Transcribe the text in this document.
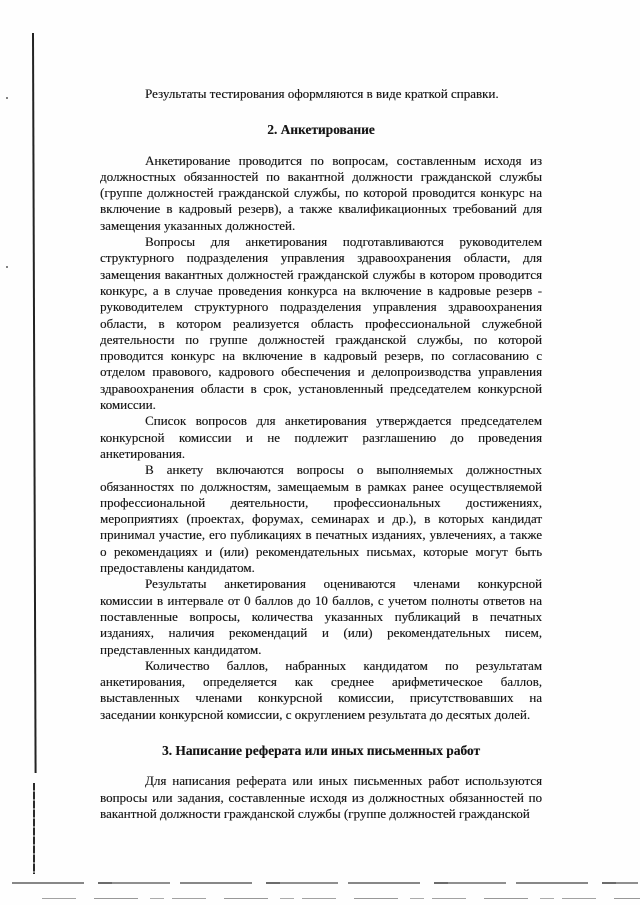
Результаты тестирования оформляются в виде краткой справки.
2. Анкетирование
Анкетирование проводится по вопросам, составленным исходя из
должностных обязанностей по вакантной должности гражданской службы
(группе должностей гражданской службы, по которой проводится конкурс на
включение в кадровый резерв), а также квалификационных требований для
замещения указанных должностей.
Вопросы для анкетирования подготавливаются руководителем
структурного подразделения управления здравоохранения области, для
замещения вакантных должностей гражданской службы в котором проводится
конкурс, а в случае проведения конкурса на включение в кадровые резерв -
руководителем структурного подразделения управления здравоохранения
области, в котором реализуется область профессиональной служебной
деятельности по группе должностей гражданской службы, по которой
проводится конкурс на включение в кадровый резерв, по согласованию с
отделом правового, кадрового обеспечения и делопроизводства управления
здравоохранения области в срок, установленный председателем конкурсной
комиссии.
Список вопросов для анкетирования утверждается председателем
конкурсной комиссии и не подлежит разглашению до проведения
анкетирования.
В анкету включаются вопросы о выполняемых должностных
обязанностях по должностям, замещаемым в рамках ранее осуществляемой
профессиональной деятельности, профессиональных достижениях,
мероприятиях (проектах, форумах, семинарах и др.), в которых кандидат
принимал участие, его публикациях в печатных изданиях, увлечениях, а также
о рекомендациях и (или) рекомендательных письмах, которые могут быть
предоставлены кандидатом.
Результаты анкетирования оцениваются членами конкурсной
комиссии в интервале от 0 баллов до 10 баллов, с учетом полноты ответов на
поставленные вопросы, количества указанных публикаций в печатных
изданиях, наличия рекомендаций и (или) рекомендательных писем,
представленных кандидатом.
Количество баллов, набранных кандидатом по результатам
анкетирования, определяется как среднее арифметическое баллов,
выставленных членами конкурсной комиссии, присутствовавших на
заседании конкурсной комиссии, с округлением результата до десятых долей.
3. Написание реферата или иных письменных работ
Для написания реферата или иных письменных работ используются
вопросы или задания, составленные исходя из должностных обязанностей по
вакантной должности гражданской службы (группе должностей гражданской
